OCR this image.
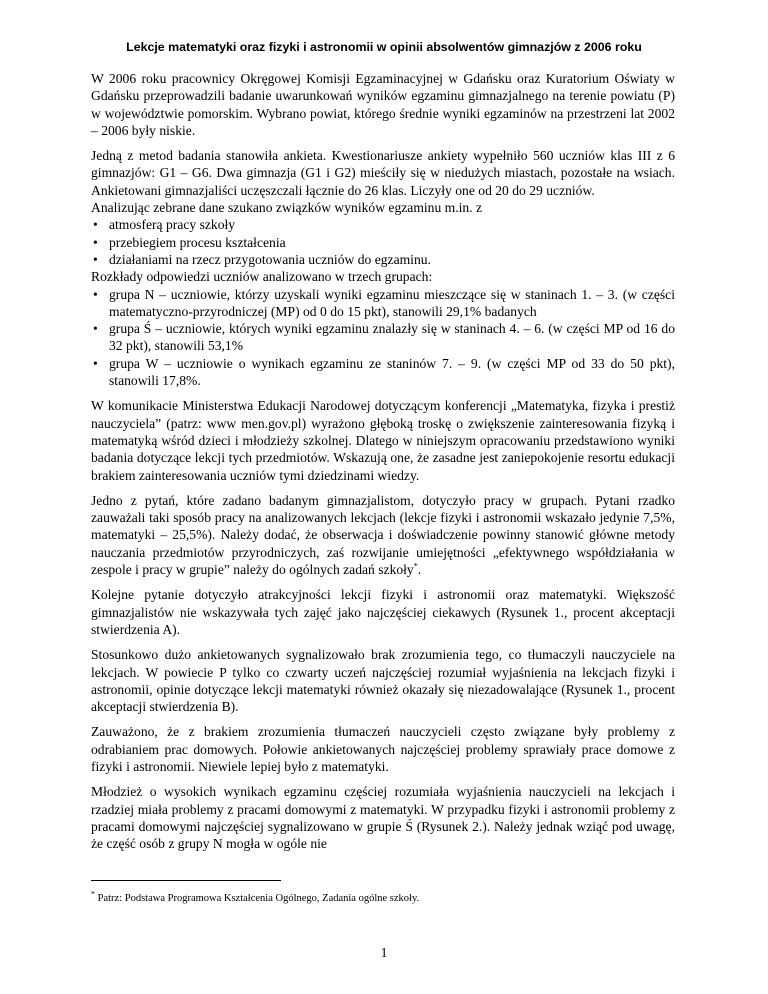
Lekcje matematyki oraz fizyki i astronomii w opinii absolwentów gimnazjów z 2006 roku

W 2006 roku pracownicy Okręgowej Komisji Egzaminacyjnej w Gdańsku oraz Kuratorium Oświaty w Gdańsku przeprowadzili badanie uwarunkowań wyników egzaminu gimnazjalnego na terenie powiatu (P) w województwie pomorskim. Wybrano powiat, którego średnie wyniki egzaminów na przestrzeni lat 2002 – 2006 były niskie.

Jedną z metod badania stanowiła ankieta. Kwestionariusze ankiety wypełniło 560 uczniów klas III z 6 gimnazjów: G1 – G6. Dwa gimnazja (G1 i G2) mieściły się w niedużych miastach, pozostałe na wsiach. Ankietowani gimnazjaliści uczęszczali łącznie do 26 klas. Liczyły one od 20 do 29 uczniów.

Analizując zebrane dane szukano związków wyników egzaminu m.in. z

• atmosferą pracy szkoły
• przebiegiem procesu kształcenia
• działaniami na rzecz przygotowania uczniów do egzaminu.

Rozkłady odpowiedzi uczniów analizowano w trzech grupach:

• grupa N – uczniowie, którzy uzyskali wyniki egzaminu mieszczące się w staninach 1. – 3. (w części matematyczno-przyrodniczej (MP) od 0 do 15 pkt), stanowili 29,1% badanych
• grupa Ś – uczniowie, których wyniki egzaminu znalazły się w staninach 4. – 6. (w części MP od 16 do 32 pkt), stanowili 53,1%
• grupa W – uczniowie o wynikach egzaminu ze staninów 7. – 9. (w części MP od 33 do 50 pkt), stanowili 17,8%.

W komunikacie Ministerstwa Edukacji Narodowej dotyczącym konferencji „Matematyka, fizyka i prestiż nauczyciela” (patrz: www men.gov.pl) wyrażono głęboką troskę o zwiększenie zainteresowania fizyką i matematyką wśród dzieci i młodzieży szkolnej. Dlatego w niniejszym opracowaniu przedstawiono wyniki badania dotyczące lekcji tych przedmiotów. Wskazują one, że zasadne jest zaniepokojenie resortu edukacji brakiem zainteresowania uczniów tymi dziedzinami wiedzy.

Jedno z pytań, które zadano badanym gimnazjalistom, dotyczyło pracy w grupach. Pytani rzadko zauważali taki sposób pracy na analizowanych lekcjach (lekcje fizyki i astronomii wskazało jedynie 7,5%, matematyki – 25,5%). Należy dodać, że obserwacja i doświadczenie powinny stanowić główne metody nauczania przedmiotów przyrodniczych, zaś rozwijanie umiejętności „efektywnego współdziałania w zespole i pracy w grupie” należy do ogólnych zadań szkoły*.

Kolejne pytanie dotyczyło atrakcyjności lekcji fizyki i astronomii oraz matematyki. Większość gimnazjalistów nie wskazywała tych zajęć jako najczęściej ciekawych (Rysunek 1., procent akceptacji stwierdzenia A).

Stosunkowo dużo ankietowanych sygnalizowało brak zrozumienia tego, co tłumaczyli nauczyciele na lekcjach. W powiecie P tylko co czwarty uczeń najczęściej rozumiał wyjaśnienia na lekcjach fizyki i astronomii, opinie dotyczące lekcji matematyki również okazały się niezadowalające (Rysunek 1., procent akceptacji stwierdzenia B).

Zauważono, że z brakiem zrozumienia tłumaczeń nauczycieli często związane były problemy z odrabianiem prac domowych. Połowie ankietowanych najczęściej problemy sprawiały prace domowe z fizyki i astronomii. Niewiele lepiej było z matematyki.

Młodzież o wysokich wynikach egzaminu częściej rozumiała wyjaśnienia nauczycieli na lekcjach i rzadziej miała problemy z pracami domowymi z matematyki. W przypadku fizyki i astronomii problemy z pracami domowymi najczęściej sygnalizowano w grupie Ś (Rysunek 2.). Należy jednak wziąć pod uwagę, że część osób z grupy N mogła w ogóle nie

* Patrz: Podstawa Programowa Kształcenia Ogólnego, Zadania ogólne szkoły.
1
